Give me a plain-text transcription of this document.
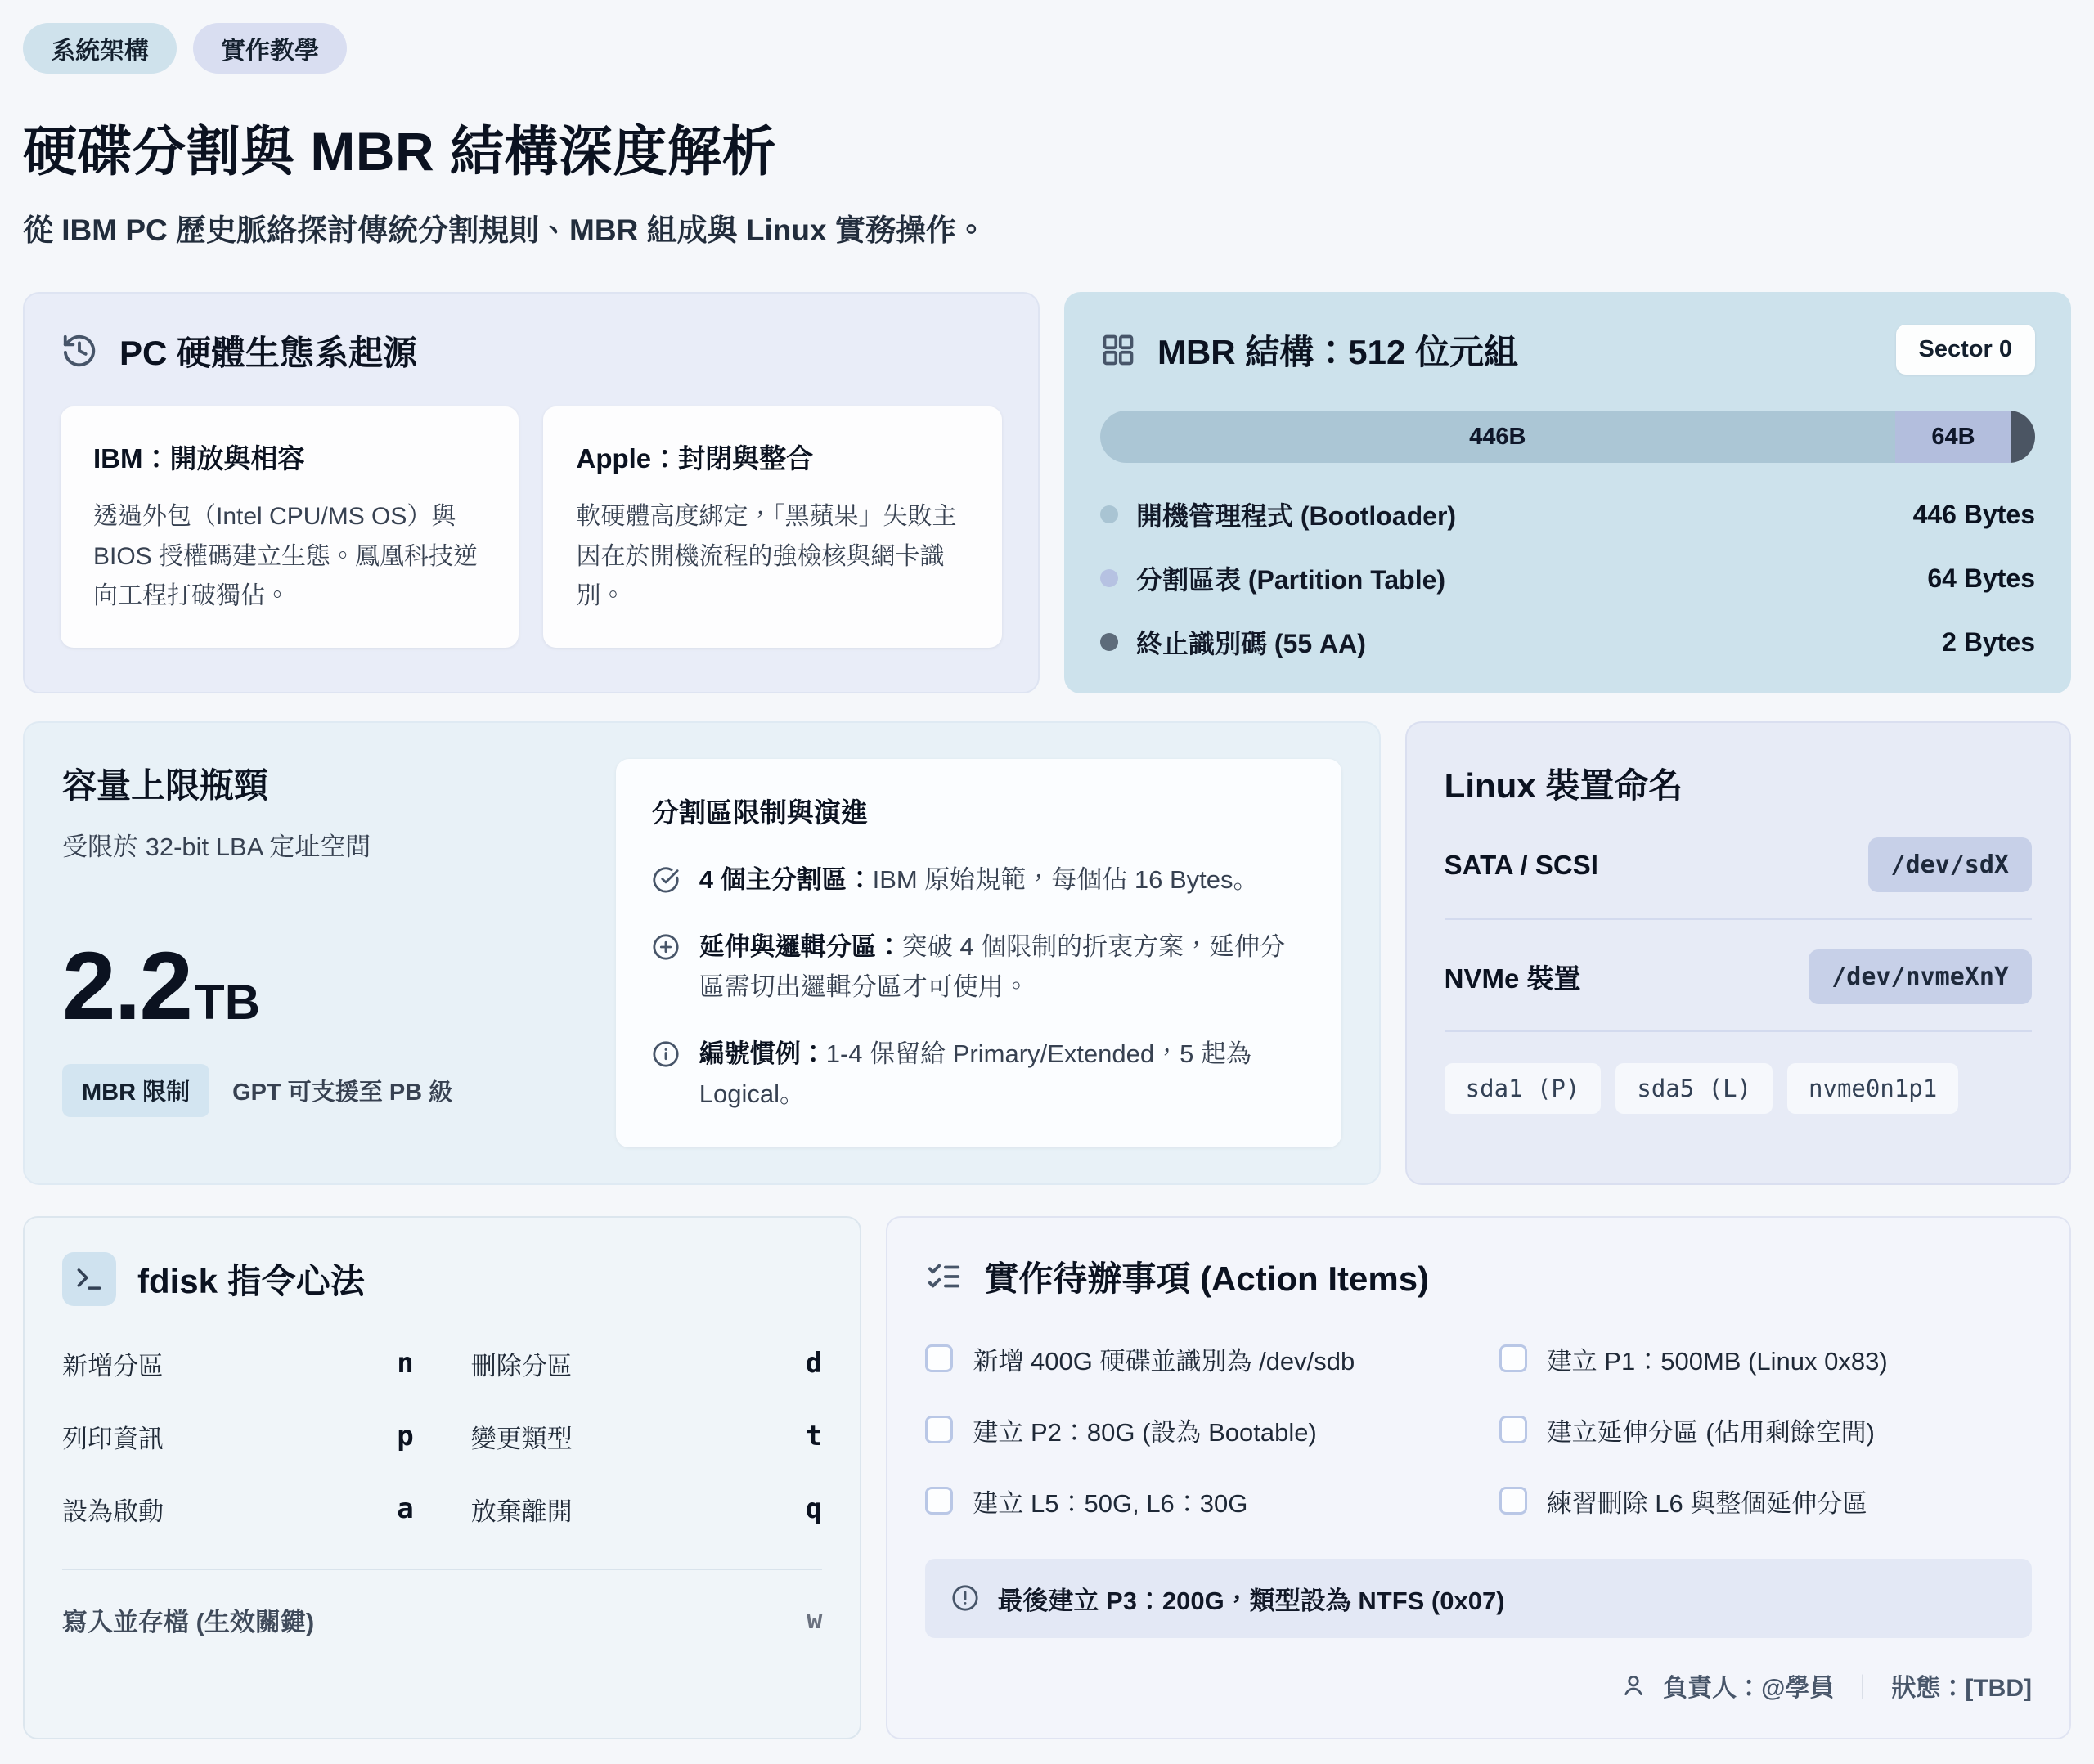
系統架構	實作教學
硬碟分割與 MBR 結構深度解析
從 IBM PC 歷史脈絡探討傳統分割規則、MBR 組成與 Linux 實務操作。
PC 硬體生態系起源
IBM：開放與相容

透過外包（Intel CPU/MS OS）與 BIOS 授權碼建立生態。鳳凰科技逆向工程打破獨佔。

Apple：封閉與整合

軟硬體高度綁定，「黑蘋果」失敗主因在於開機流程的強檢核與網卡識別。

MBR 結構：512 位元組	Sector 0
446B	64B
開機管理程式 (Bootloader)	446 Bytes
分割區表 (Partition Table)	64 Bytes
終止識別碼 (55 AA)	2 Bytes
容量上限瓶頸
受限於 32-bit LBA 定址空間
2.2TB
MBR 限制	GPT 可支援至 PB 級
分割區限制與演進
4 個主分割區：IBM 原始規範，每個佔 16 Bytes。
延伸與邏輯分區：突破 4 個限制的折衷方案，延伸分區需切出邏輯分區才可使用。
編號慣例：1-4 保留給 Primary/Extended，5 起為 Logical。
Linux 裝置命名
SATA / SCSI	/dev/sdX
NVMe 裝置	/dev/nvmeXnY
sda1 (P)	sda5 (L)	nvme0n1p1
fdisk 指令心法
新增分區	n 刪除分區	d
列印資訊	p 變更類型	t
設為啟動	a 放棄離開	q
寫入並存檔 (生效關鍵)	w
實作待辦事項 (Action Items)
新增 400G 硬碟並識別為 /dev/sdb	建立 P1：500MB (Linux 0x83)
建立 P2：80G (設為 Bootable)	建立延伸分區 (佔用剩餘空間)
建立 L5：50G, L6：30G	練習刪除 L6 與整個延伸分區
最後建立 P3：200G，類型設為 NTFS (0x07)
負責人：@學員 ｜ 狀態：[TBD]
